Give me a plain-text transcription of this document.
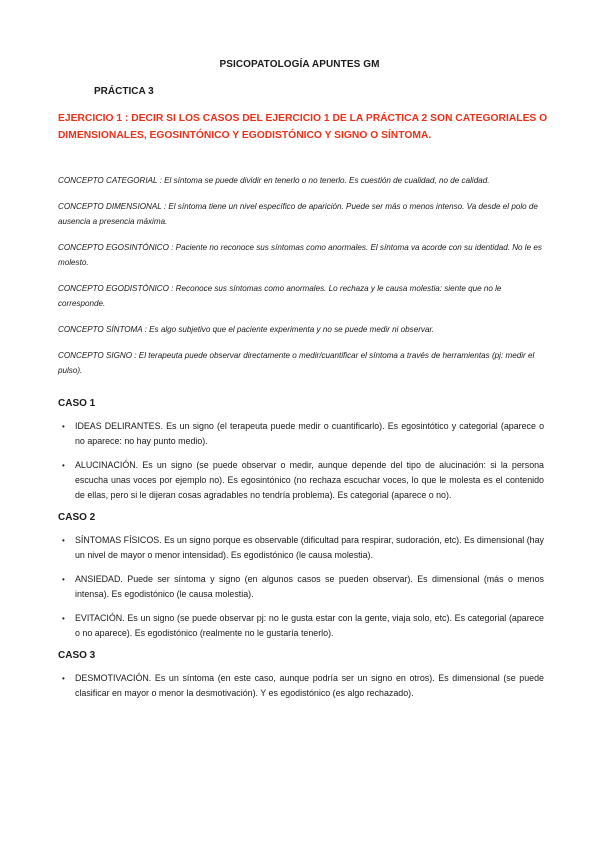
PSICOPATOLOGÍA APUNTES GM
PRÁCTICA 3
EJERCICIO 1 : DECIR SI LOS CASOS DEL EJERCICIO 1 DE LA PRÁCTICA 2 SON CATEGORIALES O DIMENSIONALES, EGOSINTÓNICO Y EGODISTÓNICO Y SIGNO O SÍNTOMA.

CONCEPTO CATEGORIAL : El síntoma se puede dividir en tenerlo o no tenerlo. Es cuestión de cualidad, no de calidad.

CONCEPTO DIMENSIONAL : El síntoma tiene un nivel específico de aparición. Puede ser más o menos intenso. Va desde el polo de ausencia a presencia máxima.

CONCEPTO EGOSINTÓNICO : Paciente no reconoce sus síntomas como anormales. El síntoma va acorde con su identidad. No le es molesto.

CONCEPTO EGODISTÓNICO : Reconoce sus síntomas como anormales. Lo rechaza y le causa molestia: siente que no le corresponde.

CONCEPTO SÍNTOMA : Es algo subjetivo que el paciente experimenta y no se puede medir ni observar.

CONCEPTO SIGNO : El terapeuta puede observar directamente o medir/cuantificar el síntoma a través de herramientas (pj: medir el pulso).

CASO 1
• IDEAS DELIRANTES. Es un signo (el terapeuta puede medir o cuantificarlo). Es egosintótico y categorial (aparece o no aparece: no hay punto medio).
• ALUCINACIÓN. Es un signo (se puede observar o medir, aunque depende del tipo de alucinación: si la persona escucha unas voces por ejemplo no). Es egosintónico (no rechaza escuchar voces, lo que le molesta es el contenido de ellas, pero si le dijeran cosas agradables no tendría problema). Es categorial (aparece o no).
CASO 2
• SÍNTOMAS FÍSICOS. Es un signo porque es observable (dificultad para respirar, sudoración, etc). Es dimensional (hay un nivel de mayor o menor intensidad). Es egodistónico (le causa molestia).
• ANSIEDAD. Puede ser síntoma y signo (en algunos casos se pueden observar). Es dimensional (más o menos intensa). Es egodistónico (le causa molestia).
• EVITACIÓN. Es un signo (se puede observar pj: no le gusta estar con la gente, viaja solo, etc). Es categorial (aparece o no aparece). Es egodistónico (realmente no le gustaría tenerlo).
CASO 3
• DESMOTIVACIÓN. Es un síntoma (en este caso, aunque podría ser un signo en otros). Es dimensional (se puede clasificar en mayor o menor la desmotivación). Y es egodistónico (es algo rechazado).
